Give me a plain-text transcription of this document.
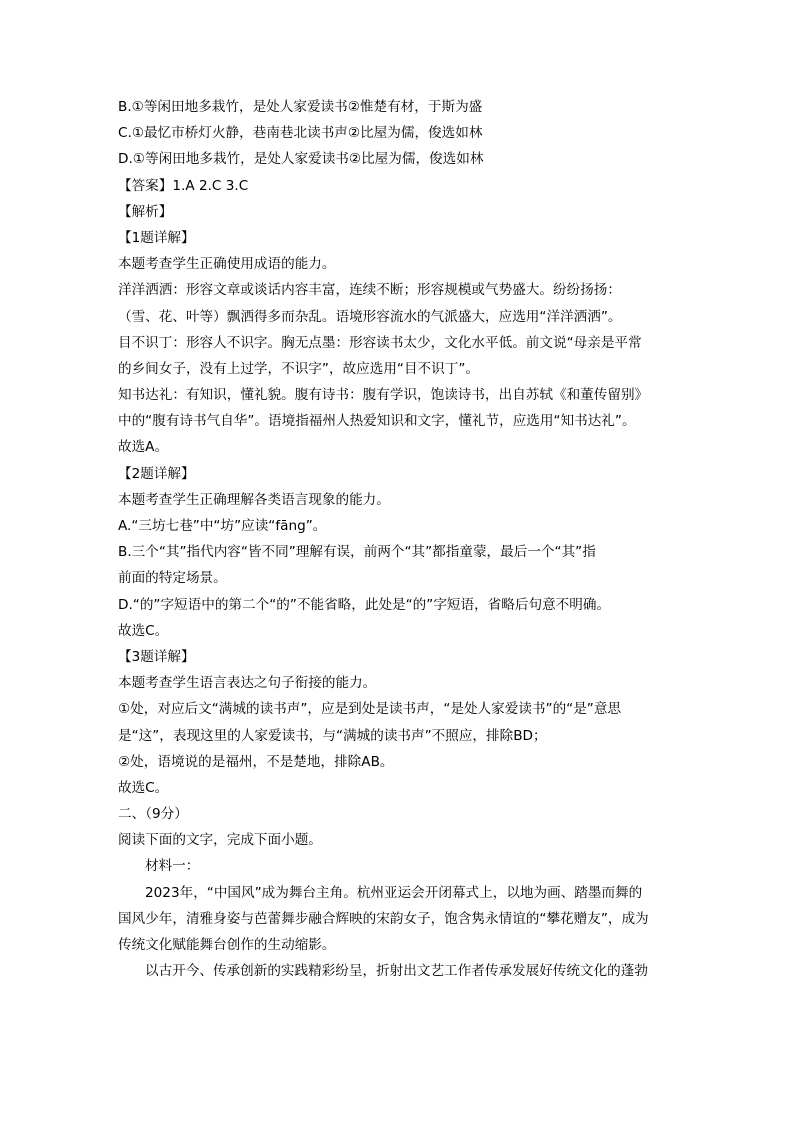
B.①等闲田地多栽竹，是处人家爱读书②惟楚有材，于斯为盛
C.①最忆市桥灯火静，巷南巷北读书声②比屋为儒，俊选如林
D.①等闲田地多栽竹，是处人家爱读书②比屋为儒，俊选如林
【答案】1.A 2.C 3.C
【解析】
【1题详解】
本题考查学生正确使用成语的能力。
洋洋洒洒：形容文章或谈话内容丰富，连续不断；形容规模或气势盛大。纷纷扬扬：
（雪、花、叶等）飘洒得多而杂乱。语境形容流水的气派盛大，应选用“洋洋洒洒”。
目不识丁：形容人不识字。胸无点墨：形容读书太少，文化水平低。前文说“母亲是平常
的乡间女子，没有上过学，不识字”，故应选用“目不识丁”。
知书达礼：有知识，懂礼貌。腹有诗书：腹有学识，饱读诗书，出自苏轼《和董传留别》
中的“腹有诗书气自华”。语境指福州人热爱知识和文字，懂礼节，应选用“知书达礼”。
故选A。
【2题详解】
本题考查学生正确理解各类语言现象的能力。
A.“三坊七巷”中“坊”应读“fāng”。
B.三个“其”指代内容“皆不同”理解有误，前两个“其”都指童蒙，最后一个“其”指
前面的特定场景。
D.“的”字短语中的第二个“的”不能省略，此处是“的”字短语，省略后句意不明确。
故选C。
【3题详解】
本题考查学生语言表达之句子衔接的能力。
①处，对应后文“满城的读书声”，应是到处是读书声，“是处人家爱读书”的“是”意思
是“这”，表现这里的人家爱读书，与“满城的读书声”不照应，排除BD；
②处，语境说的是福州，不是楚地，排除AB。
故选C。
二、（9分）
阅读下面的文字，完成下面小题。
材料一：
2023年，“中国风”成为舞台主角。杭州亚运会开闭幕式上，以地为画、踏墨而舞的
国风少年，清雅身姿与芭蕾舞步融合辉映的宋韵女子，饱含隽永情谊的“攀花赠友”，成为
传统文化赋能舞台创作的生动缩影。
以古开今、传承创新的实践精彩纷呈，折射出文艺工作者传承发展好传统文化的蓬勃
